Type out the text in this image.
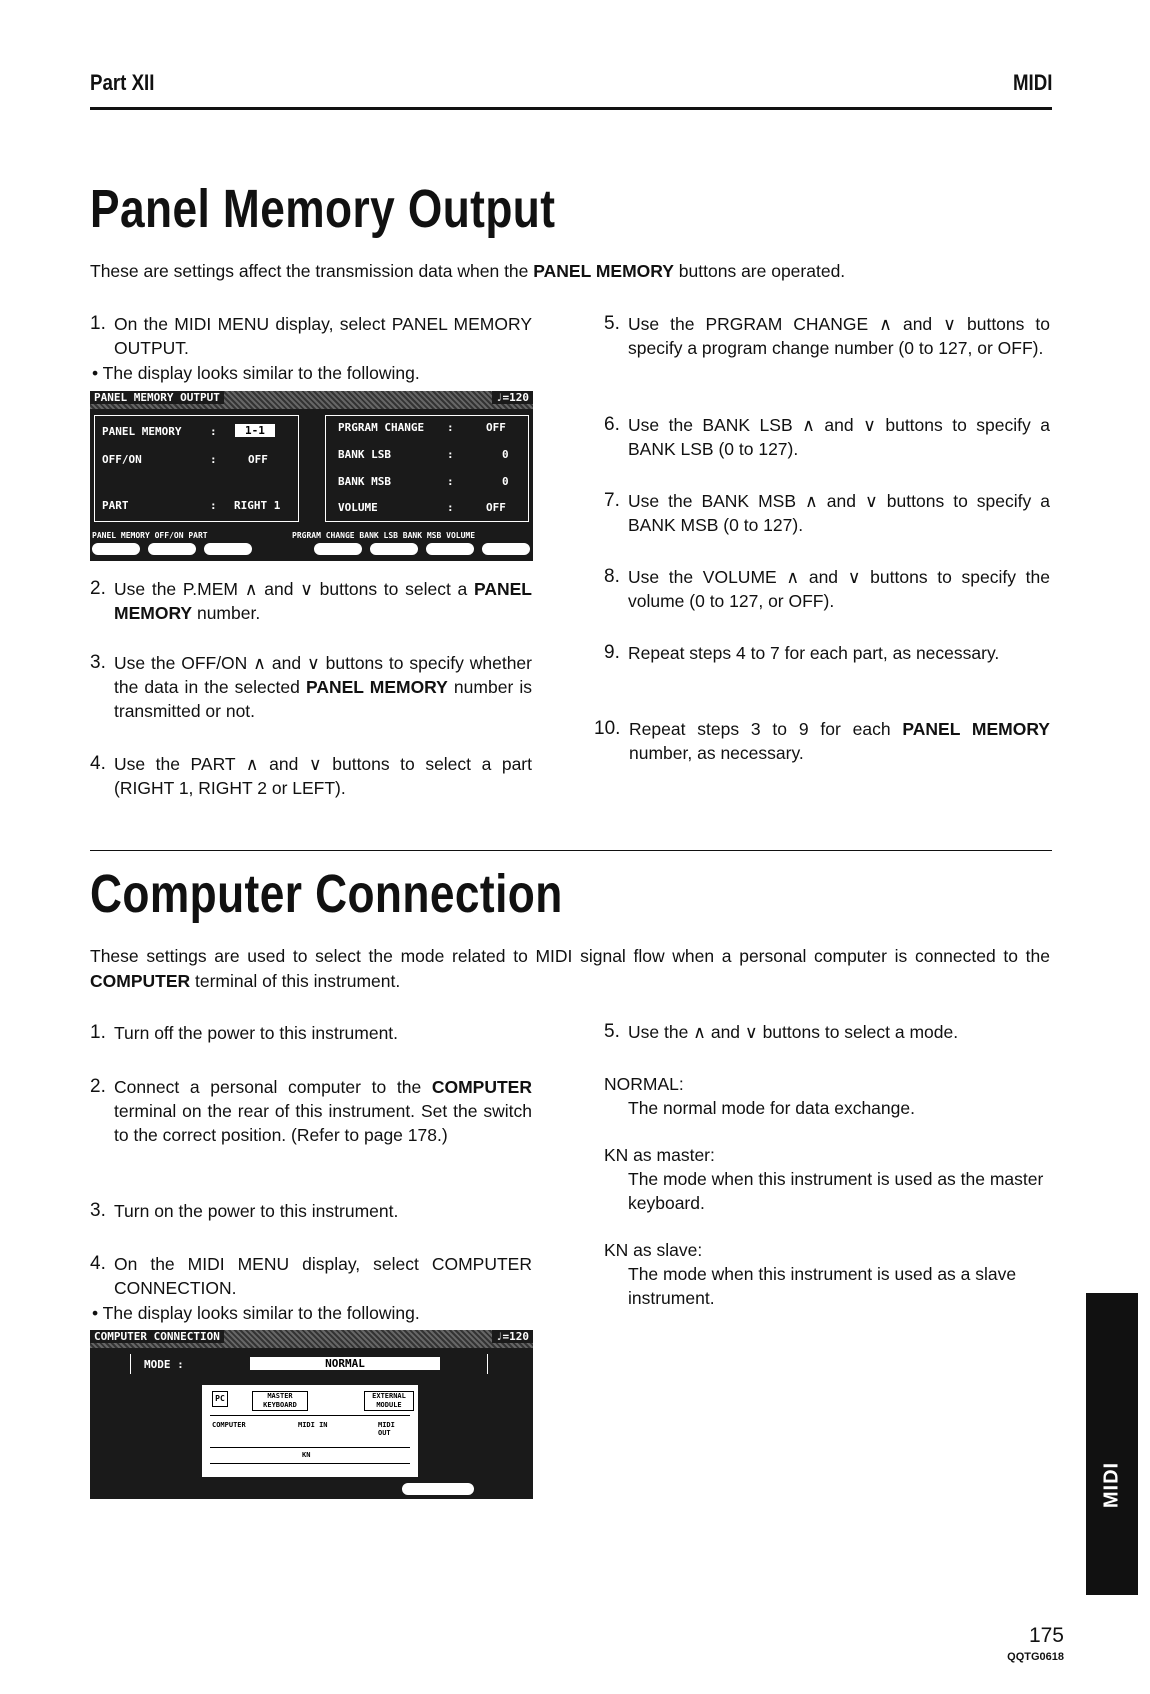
Part XII	MIDI
Panel Memory Output
These are settings affect the transmission data when the PANEL MEMORY buttons are operated.
1. On the MIDI MENU display, select PANEL MEMORY OUTPUT.
• The display looks similar to the following.
PANEL MEMORY OUTPUT	♩=120
PANEL MEMORY	:	1-1
OFF/ON	:	OFF
PART	: RIGHT 1
PRGRAM CHANGE :	OFF
BANK LSB	:	0
BANK MSB	:	0
VOLUME	:	OFF
PANEL MEMORY OFF/ON PART	PRGRAM CHANGE BANK LSB BANK MSB VOLUME
2. Use the P.MEM ∧ and ∨ buttons to select a PANEL MEMORY number.
3. Use the OFF/ON ∧ and ∨ buttons to specify whether the data in the selected PANEL MEMORY number is transmitted or not.
4. Use the PART ∧ and ∨ buttons to select a part (RIGHT 1, RIGHT 2 or LEFT).
5. Use the PRGRAM CHANGE ∧ and ∨ buttons to specify a program change number (0 to 127, or OFF).
6. Use the BANK LSB ∧ and ∨ buttons to specify a BANK LSB (0 to 127).
7. Use the BANK MSB ∧ and ∨ buttons to specify a BANK MSB (0 to 127).
8. Use the VOLUME ∧ and ∨ buttons to specify the volume (0 to 127, or OFF).
9. Repeat steps 4 to 7 for each part, as necessary.
10. Repeat steps 3 to 9 for each PANEL MEMORY number, as necessary.
Computer Connection
These settings are used to select the mode related to MIDI signal flow when a personal computer is connected to the COMPUTER terminal of this instrument.
1. Turn off the power to this instrument.
2. Connect a personal computer to the COMPUTER terminal on the rear of this instrument. Set the switch to the correct position. (Refer to page 178.)
3. Turn on the power to this instrument.
4. On the MIDI MENU display, select COMPUTER CONNECTION.
• The display looks similar to the following.
COMPUTER CONNECTION	♩=120
MODE :	NORMAL
PC	MASTER KEYBOARD
EXTERNAL MODULE
COMPUTER	MIDI IN	MIDI OUT
KN
5. Use the ∧ and ∨ buttons to select a mode.
NORMAL:
The normal mode for data exchange.
KN as master:
The mode when this instrument is used as the master keyboard.
KN as slave:
The mode when this instrument is used as a slave instrument.
MIDI
175
QQTG0618
